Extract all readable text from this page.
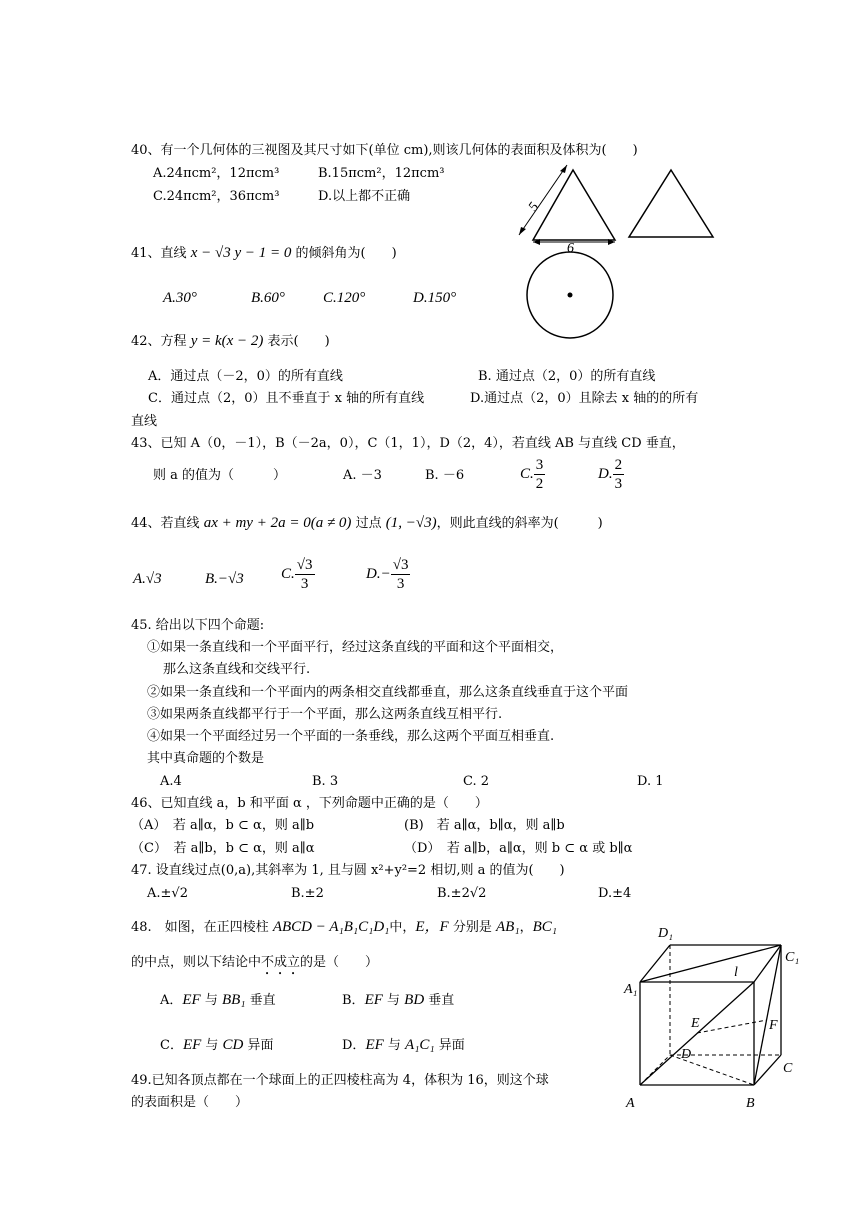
40、有一个几何体的三视图及其尺寸如下(单位 cm),则该几何体的表面积及体积为(　　)
A.24πcm²，12πcm³	B.15πcm²，12πcm³
C.24πcm²，36πcm³	D.以上都不正确
5
6
41、直线 x − √3 y − 1 = 0 的倾斜角为(　　)
A.30°	B.60°	C.120°	D.150°
42、方程 y = k(x − 2) 表示(　　)
A．通过点（－2，0）的所有直线	B. 通过点（2，0）的所有直线
C．通过点（2，0）且不垂直于 x 轴的所有直线	D.通过点（2，0）且除去 x 轴的的所有
直线
43、已知 A（0，－1），B（－2a，0），C（1，1），D（2，4），若直线 AB 与直线 CD 垂直，
则 a 的值为（　　　）	A. －3	B. －6	C. $\frac{3}{2}$	D. $\frac{2}{3}$
44、若直线 ax + my + 2a = 0(a ≠ 0) 过点 (1, −√3)，则此直线的斜率为(　　　)
A.√3	B.−√3 C. $\frac{√3}{3}$	$D.- \frac{√3}{3}$
45. 给出以下四个命题:
①如果一条直线和一个平面平行，经过这条直线的平面和这个平面相交，
那么这条直线和交线平行.
②如果一条直线和一个平面内的两条相交直线都垂直，那么这条直线垂直于这个平面
③如果两条直线都平行于一个平面，那么这两条直线互相平行.
④如果一个平面经过另一个平面的一条垂线，那么这两个平面互相垂直.
其中真命题的个数是
A.4	B. 3	C. 2	D. 1
46、已知直线 a，b 和平面 α ，下列命题中正确的是（　　）
（A）　若 a∥α，b ⊂ α，则 a∥b	(B)　若 a∥α，b∥α，则 a∥b
（C）　若 a∥b，b ⊂ α，则 a∥α	（D）　若 a∥b，a∥α，则 b ⊂ α 或 b∥α
47. 设直线过点(0,a),其斜率为 1, 且与圆 x²+y²=2 相切,则 a 的值为(　　)
A.±√2	B.±2	B.±2√2	D.±4
48.　如图，在正四棱柱 ABCD − A₁B₁C₁D₁中，E，F 分别是 AB₁，BC₁
的中点，则以下结论中不成立的是（　　）
A．EF 与 BB₁ 垂直	B．EF 与 BD 垂直
C．EF 与 CD 异面	D．EF 与 A₁C₁ 异面
D₁
C₁
A₁
l
E	F
D
C
A	B
49.已知各顶点都在一个球面上的正四棱柱高为 4，体积为 16，则这个球
的表面积是（　　）
